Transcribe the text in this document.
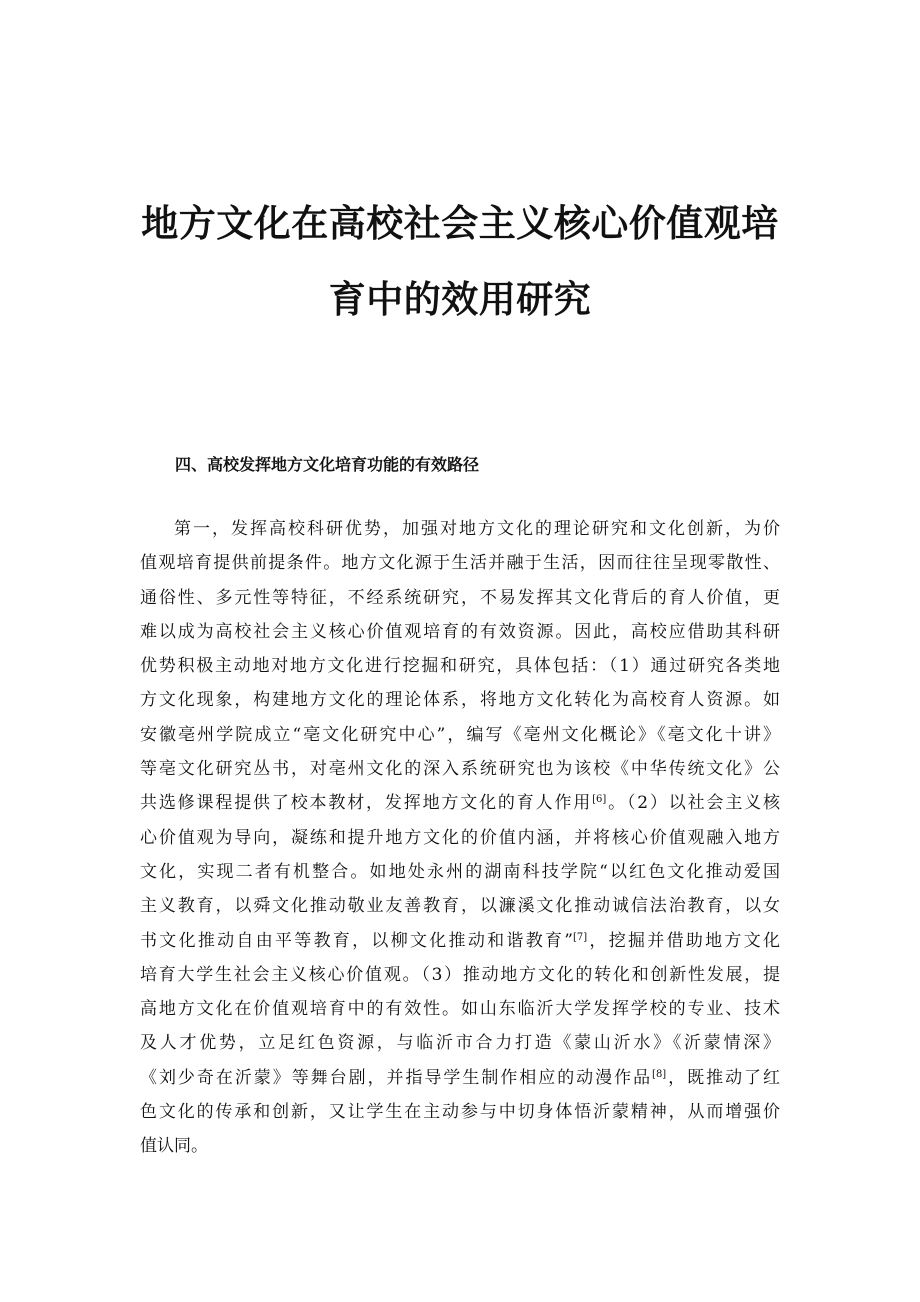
地方文化在高校社会主义核心价值观培
育中的效用研究
四、高校发挥地方文化培育功能的有效路径
第一，发挥高校科研优势，加强对地方文化的理论研究和文化创新，为价
值观培育提供前提条件。地方文化源于生活并融于生活，因而往往呈现零散性、
通俗性、多元性等特征，不经系统研究，不易发挥其文化背后的育人价值，更
难以成为高校社会主义核心价值观培育的有效资源。因此，高校应借助其科研
优势积极主动地对地方文化进行挖掘和研究，具体包括：（1）通过研究各类地
方文化现象，构建地方文化的理论体系，将地方文化转化为高校育人资源。如
安徽亳州学院成立“亳文化研究中心”，编写《亳州文化概论》《亳文化十讲》
等亳文化研究丛书，对亳州文化的深入系统研究也为该校《中华传统文化》公
共选修课程提供了校本教材，发挥地方文化的育人作用[6]。（2）以社会主义核
心价值观为导向，凝练和提升地方文化的价值内涵，并将核心价值观融入地方
文化，实现二者有机整合。如地处永州的湖南科技学院“以红色文化推动爱国
主义教育，以舜文化推动敬业友善教育，以濂溪文化推动诚信法治教育，以女
书文化推动自由平等教育，以柳文化推动和谐教育”[7]，挖掘并借助地方文化
培育大学生社会主义核心价值观。（3）推动地方文化的转化和创新性发展，提
高地方文化在价值观培育中的有效性。如山东临沂大学发挥学校的专业、技术
及人才优势，立足红色资源，与临沂市合力打造《蒙山沂水》《沂蒙情深》
《刘少奇在沂蒙》等舞台剧，并指导学生制作相应的动漫作品[8]，既推动了红
色文化的传承和创新，又让学生在主动参与中切身体悟沂蒙精神，从而增强价
值认同。
